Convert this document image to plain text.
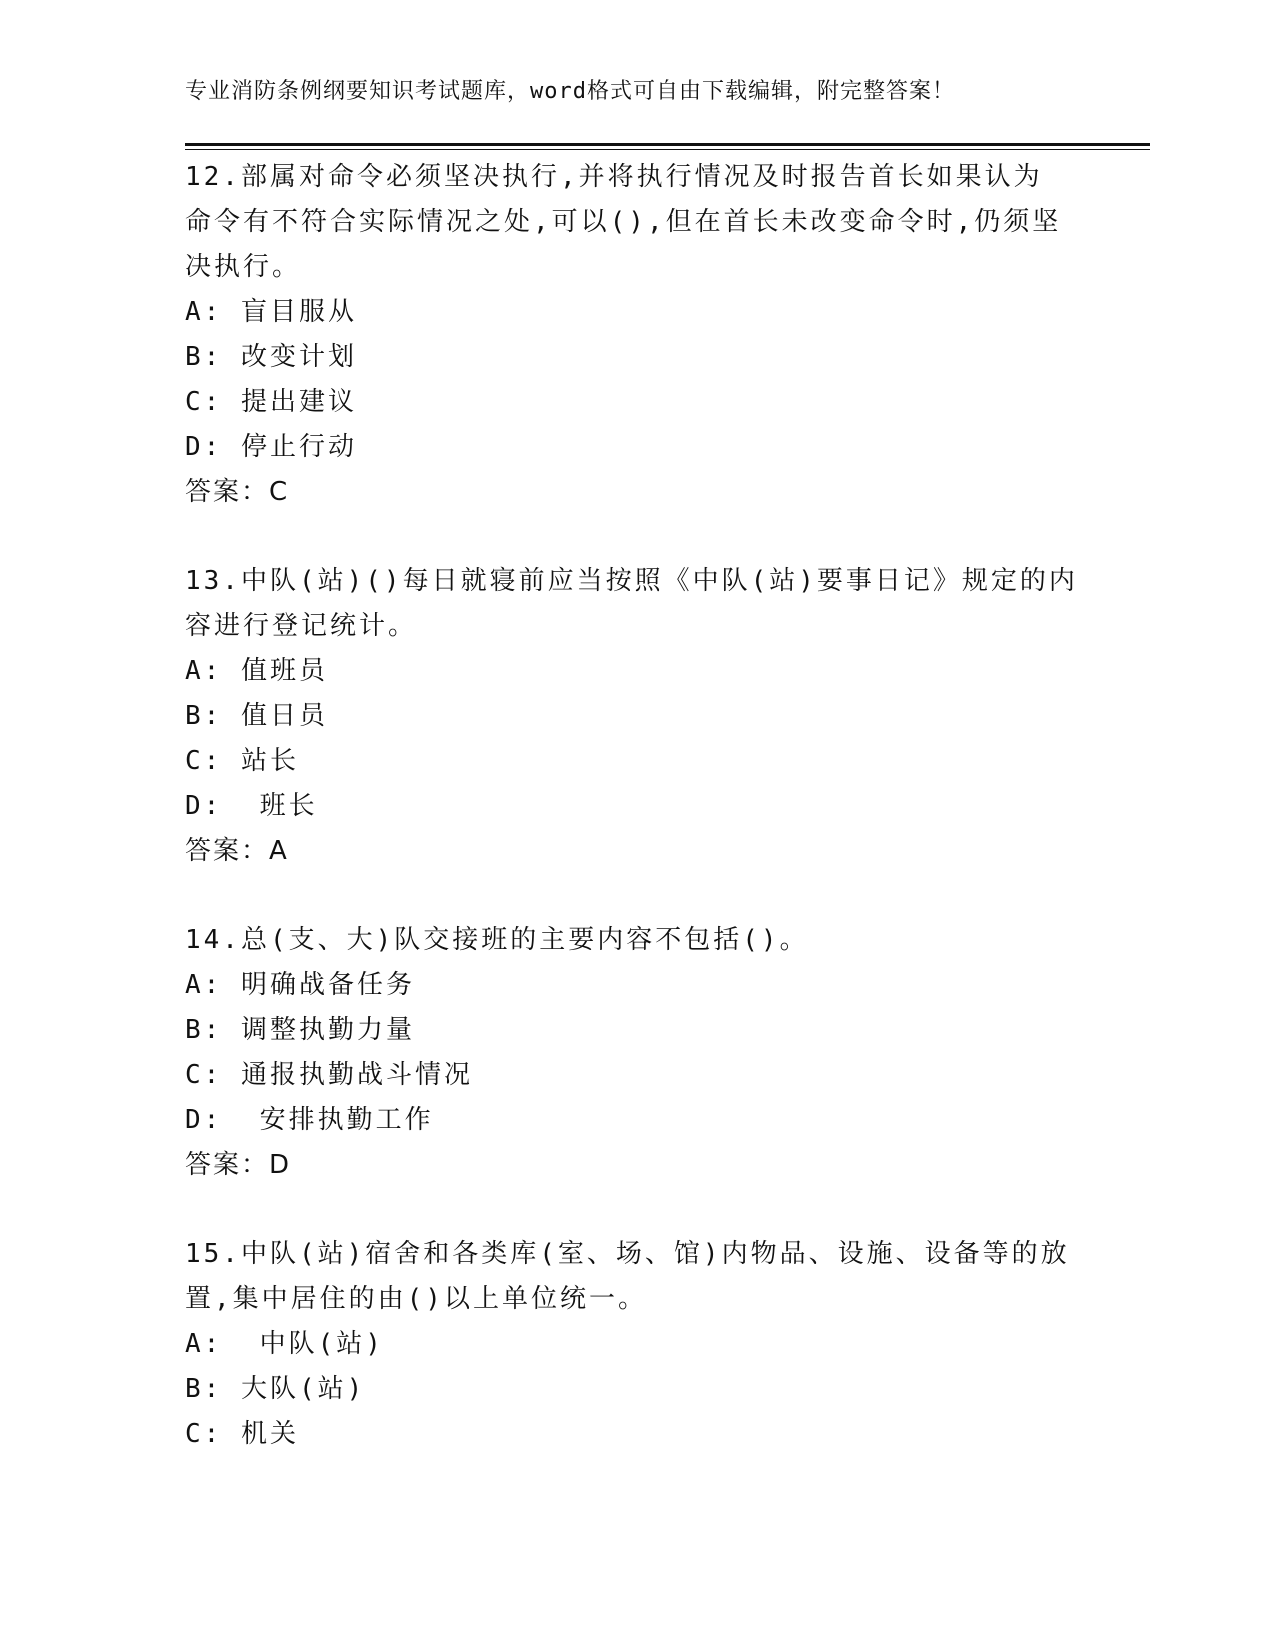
专业消防条例纲要知识考试题库，word格式可自由下载编辑，附完整答案！

12.部属对命令必须坚决执行,并将执行情况及时报告首长如果认为 命令有不符合实际情况之处,可以(),但在首长未改变命令时,仍须坚决执行。

A: 盲目服从

B: 改变计划

C: 提出建议

D: 停止行动

答案：C

13.中队(站)()每日就寝前应当按照《中队(站)要事日记》规定的内容进行登记统计。

A: 值班员

B: 值日员

C: 站长

D:  班长

答案：A

14.总(支、大)队交接班的主要内容不包括()。

A: 明确战备任务

B: 调整执勤力量

C: 通报执勤战斗情况

D:  安排执勤工作

答案：D

15.中队(站)宿舍和各类库(室、场、馆)内物品、设施、设备等的放置,集中居住的由()以上单位统一。

A:  中队(站)

B: 大队(站)

C: 机关
